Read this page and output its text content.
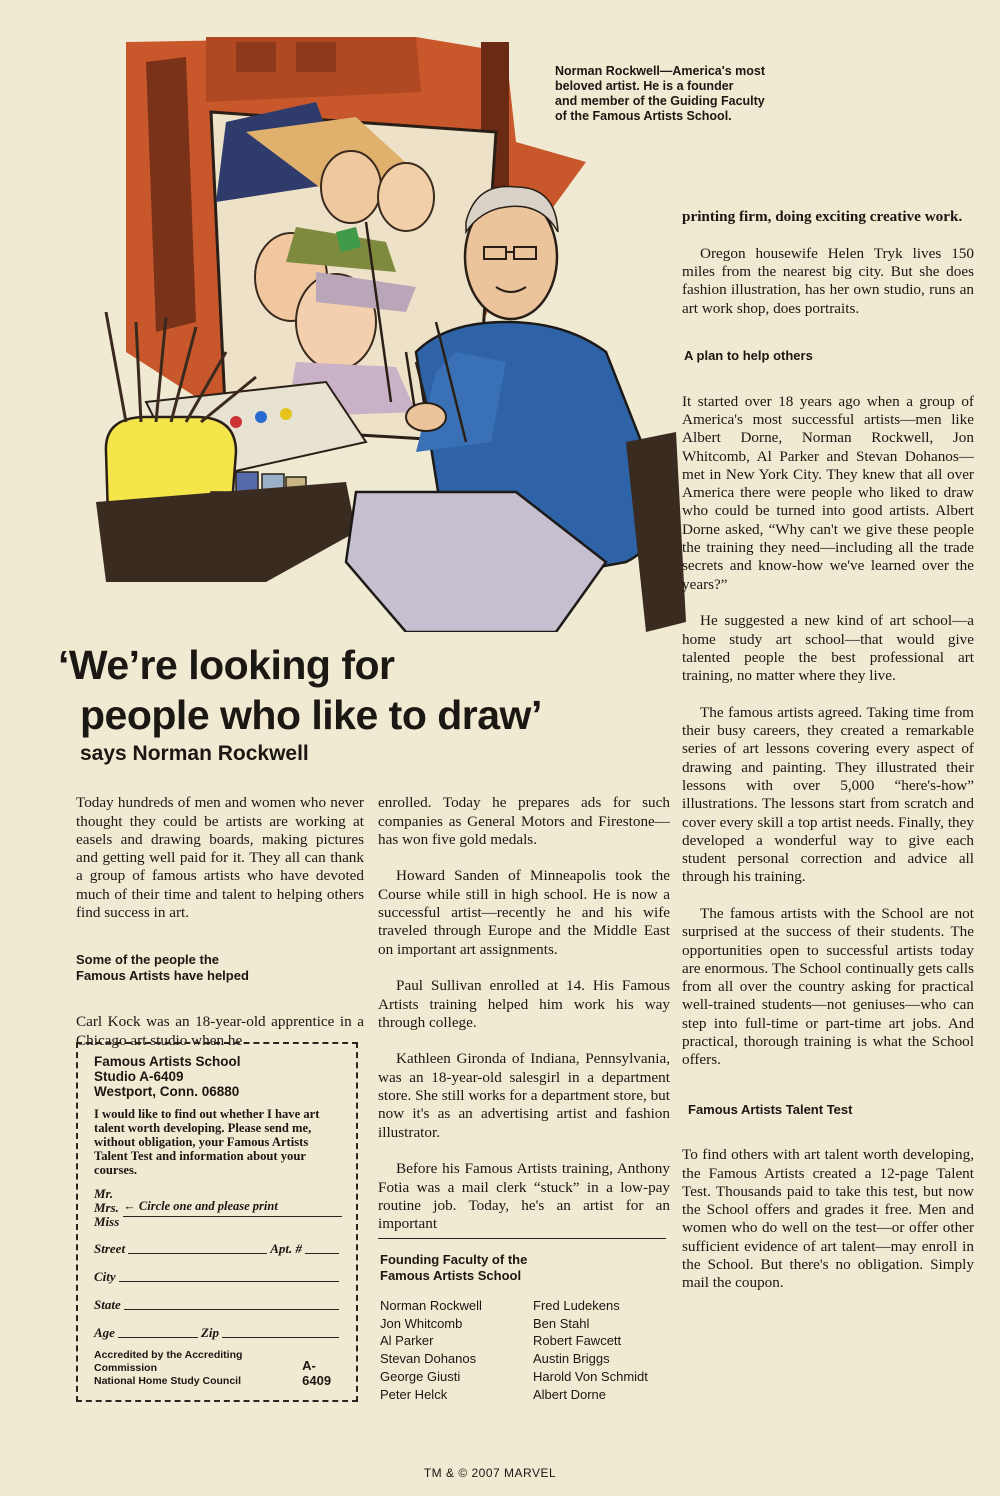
Norman Rockwell—America's most
beloved artist. He is a founder
and member of the Guiding Faculty
of the Famous Artists School.
‘We’re looking for
people who like to draw’
says Norman Rockwell

Today hundreds of men and women who never thought they could be artists are working at easels and drawing boards, making pictures and getting well paid for it. They all can thank a group of famous artists who have devoted much of their time and talent to helping others find success in art.

Some of the people the
Famous Artists have helped

Carl Kock was an 18-year-old apprentice in a Chicago art studio when he

enrolled. Today he prepares ads for such companies as General Motors and Firestone—has won five gold medals.

Howard Sanden of Minneapolis took the Course while still in high school. He is now a successful artist—recently he and his wife traveled through Europe and the Middle East on important art assignments.

Paul Sullivan enrolled at 14. His Famous Artists training helped him work his way through college.

Kathleen Gironda of Indiana, Pennsylvania, was an 18-year-old salesgirl in a department store. She still works for a department store, but now it's as an advertising artist and fashion illustrator.

Before his Famous Artists training, Anthony Fotia was a mail clerk “stuck” in a low-pay routine job. Today, he's an artist for an important

Founding Faculty of the
Famous Artists School
Norman Rockwell
Jon Whitcomb
Al Parker
Stevan Dohanos
George Giusti
Peter Helck
Fred Ludekens
Ben Stahl
Robert Fawcett
Austin Briggs
Harold Von Schmidt
Albert Dorne

printing firm, doing exciting creative work.

Oregon housewife Helen Tryk lives 150 miles from the nearest big city. But she does fashion illustration, has her own studio, runs an art work shop, does portraits.

A plan to help others

It started over 18 years ago when a group of America's most successful artists—men like Albert Dorne, Norman Rockwell, Jon Whitcomb, Al Parker and Stevan Dohanos—met in New York City. They knew that all over America there were people who liked to draw who could be turned into good artists. Albert Dorne asked, “Why can't we give these people the training they need—including all the trade secrets and know-how we've learned over the years?”

He suggested a new kind of art school—a home study art school—that would give talented people the best professional art training, no matter where they live.

The famous artists agreed. Taking time from their busy careers, they created a remarkable series of art lessons covering every aspect of drawing and painting. They illustrated their lessons with over 5,000 “here's-how” illustrations. The lessons start from scratch and cover every skill a top artist needs. Finally, they developed a wonderful way to give each student personal correction and advice all through his training.

The famous artists with the School are not surprised at the success of their students. The opportunities open to successful artists today are enormous. The School continually gets calls from all over the country asking for practical well-trained students—not geniuses—who can step into full-time or part-time art jobs. And practical, thorough training is what the School offers.

Famous Artists Talent Test

To find others with art talent worth developing, the Famous Artists created a 12-page Talent Test. Thousands paid to take this test, but now the School offers and grades it free. Men and women who do well on the test—or offer other sufficient evidence of art talent—may enroll in the School. But there's no obligation. Simply mail the coupon.

Famous Artists School
Studio A-6409
Westport, Conn. 06880
I would like to find out whether I have art talent worth developing. Please send me, without obligation, your Famous Artists Talent Test and information about your courses.
Mr.
Mrs.
Miss
← Circle one and please print
Street	Apt. #
City
State
Age	Zip
Accredited by the Accrediting Commission
National Home Study Council
A-6409
TM & © 2007 MARVEL
